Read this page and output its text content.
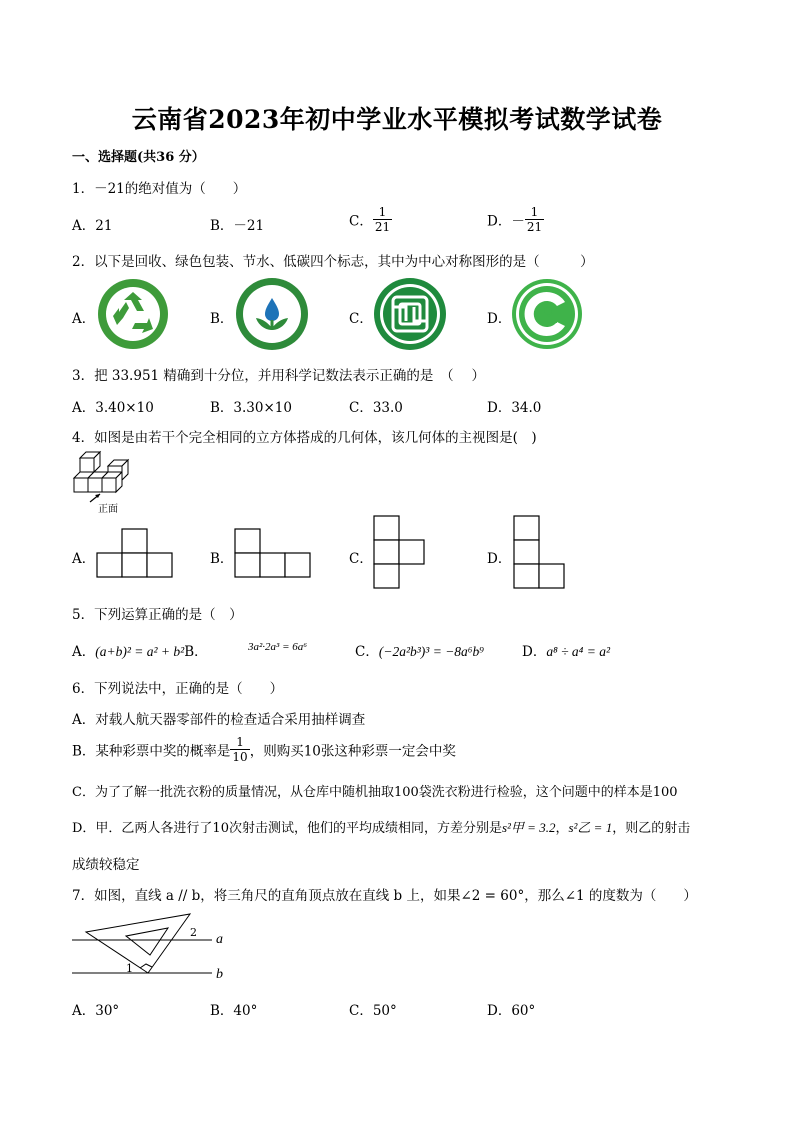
云南省2023年初中学业水平模拟考试数学试卷
一、选择题(共36 分）
1．－21的绝对值为（　　）
A．21	B．－21	C． $\frac{1}{21}$	D．－ $\frac{1}{21}$
2．以下是回收、绿色包装、节水、低碳四个标志，其中为中心对称图形的是（　　　）
A．	B．	C．	D．
3．把 33.951 精确到十分位，并用科学记数法表示正确的是　（　 ）
A．3.40×10	B．3.30×10	C．33.0	D．34.0
4．如图是由若干个完全相同的立方体搭成的几何体，该几何体的主视图是(　)
正面
A．	B．	C．	D．
5．下列运算正确的是（　）
A．(a+b)² = a² + b²B．	3a²·2a³ = 6a⁶	C．(−2a²b³)³ = −8a⁶b⁹	D．a⁸ ÷ a⁴ = a²
6．下列说法中，正确的是（　　）
A．对载人航天器零部件的检查适合采用抽样调查
B．某种彩票中奖的概率是 $\frac{1}{10}$ ，则购买10张这种彩票一定会中奖
C．为了了解一批洗衣粉的质量情况，从仓库中随机抽取100袋洗衣粉进行检验，这个问题中的样本是100
D．甲．乙两人各进行了10次射击测试，他们的平均成绩相同，方差分别是s²甲 = 3.2，s²乙 = 1，则乙的射击
成绩较稳定
7．如图，直线 a // b，将三角尺的直角顶点放在直线 b 上，如果∠2 = 60°，那么∠1 的度数为（　　）
a
b
1
2
A．30°	B．40°	C．50°	D．60°
